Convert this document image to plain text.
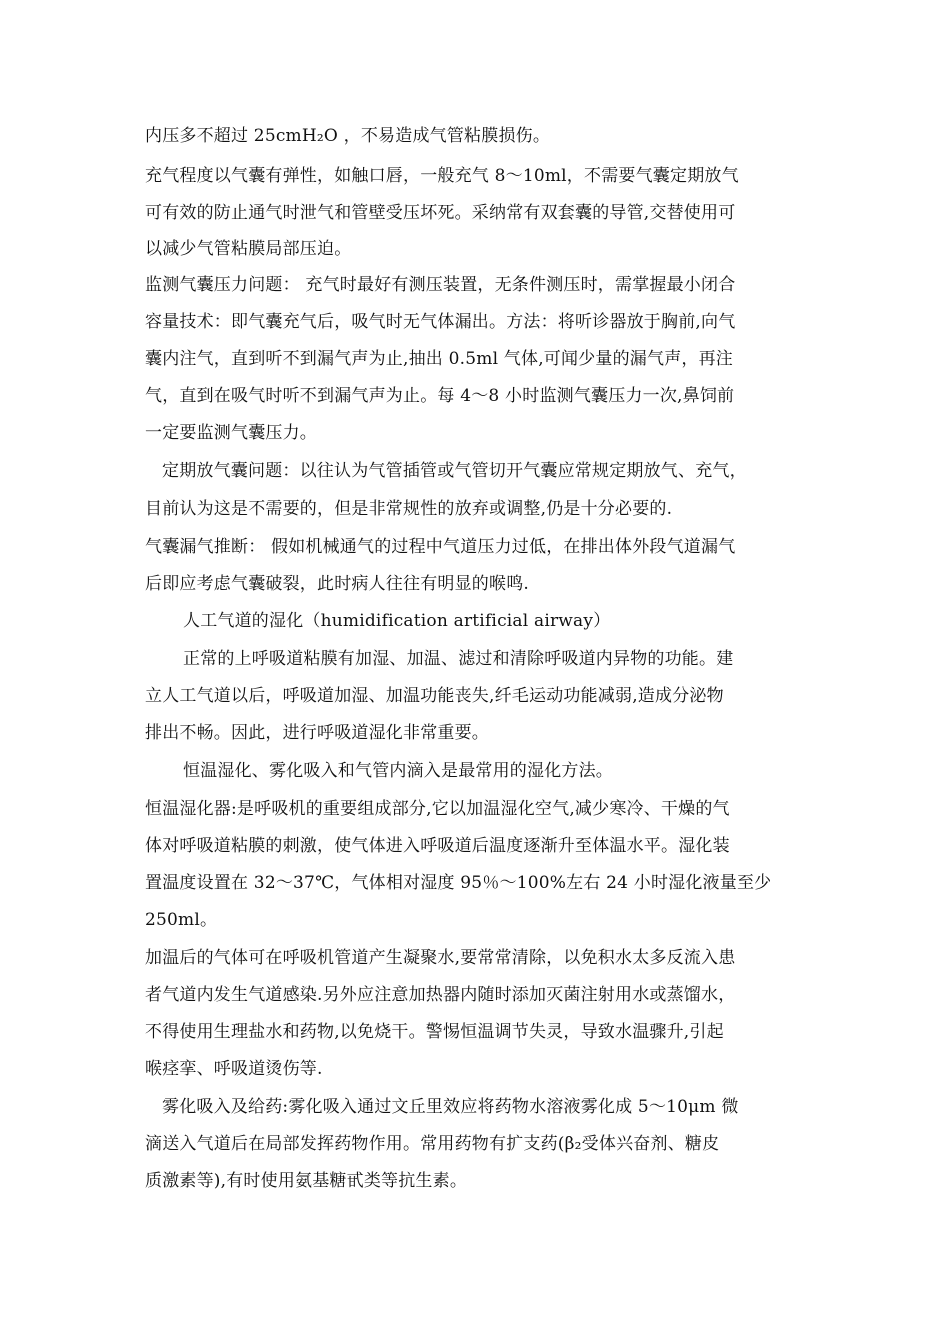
内压多不超过 25cmH₂O ，不易造成气管粘膜损伤。
充气程度以气囊有弹性，如触口唇，一般充气 8～10ml，不需要气囊定期放气
可有效的防止通气时泄气和管壁受压坏死。采纳常有双套囊的导管,交替使用可
以减少气管粘膜局部压迫。
监测气囊压力问题： 充气时最好有测压装置，无条件测压时，需掌握最小闭合
容量技术：即气囊充气后，吸气时无气体漏出。方法：将听诊器放于胸前,向气
囊内注气，直到听不到漏气声为止,抽出 0.5ml 气体,可闻少量的漏气声，再注
气，直到在吸气时听不到漏气声为止。每 4～8 小时监测气囊压力一次,鼻饲前
一定要监测气囊压力。
定期放气囊问题：以往认为气管插管或气管切开气囊应常规定期放气、充气，
目前认为这是不需要的，但是非常规性的放弃或调整,仍是十分必要的.
气囊漏气推断： 假如机械通气的过程中气道压力过低，在排出体外段气道漏气
后即应考虑气囊破裂，此时病人往往有明显的喉鸣.
人工气道的湿化（humidification artificial airway）
正常的上呼吸道粘膜有加湿、加温、滤过和清除呼吸道内异物的功能。建
立人工气道以后，呼吸道加湿、加温功能丧失,纤毛运动功能减弱,造成分泌物
排出不畅。因此，进行呼吸道湿化非常重要。
恒温湿化、雾化吸入和气管内滴入是最常用的湿化方法。
恒温湿化器:是呼吸机的重要组成部分,它以加温湿化空气,减少寒冷、干燥的气
体对呼吸道粘膜的刺激，使气体进入呼吸道后温度逐渐升至体温水平。湿化装
置温度设置在 32～37℃，气体相对湿度 95％～100%左右 24 小时湿化液量至少
250ml。
加温后的气体可在呼吸机管道产生凝聚水,要常常清除，以免积水太多反流入患
者气道内发生气道感染.另外应注意加热器内随时添加灭菌注射用水或蒸馏水，
不得使用生理盐水和药物,以免烧干。警惕恒温调节失灵，导致水温骤升,引起
喉痉挛、呼吸道烫伤等.
雾化吸入及给药:雾化吸入通过文丘里效应将药物水溶液雾化成 5～10μm 微
滴送入气道后在局部发挥药物作用。常用药物有扩支药(β₂受体兴奋剂、糖皮
质激素等),有时使用氨基糖甙类等抗生素。
